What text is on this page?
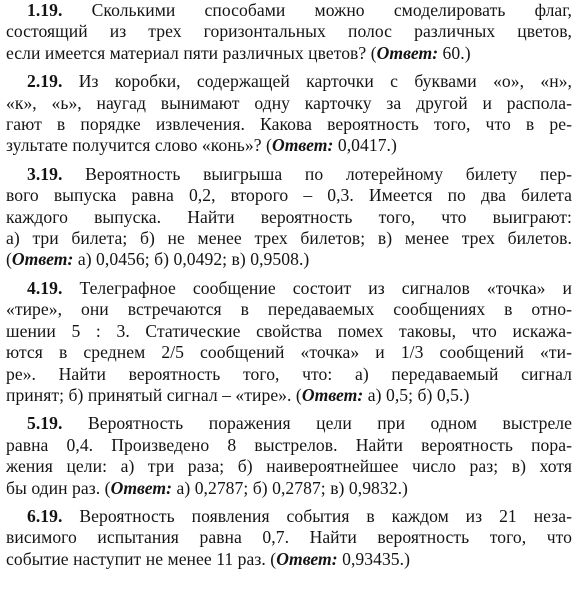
1.19. Сколькими способами можно смоделировать флаг,
состоящий из трех горизонтальных полос различных цветов,
если имеется материал пяти различных цветов? (Ответ: 60.)
2.19. Из коробки, содержащей карточки с буквами «о», «н»,
«к», «ь», наугад вынимают одну карточку за другой и распола-
гают в порядке извлечения. Какова вероятность того, что в ре-
зультате получится слово «конь»? (Ответ: 0,0417.)
3.19. Вероятность выигрыша по лотерейному билету пер-
вого выпуска равна 0,2, второго – 0,3. Имеется по два билета
каждого выпуска. Найти вероятность того, что выиграют:
а) три билета; б) не менее трех билетов; в) менее трех билетов.
(Ответ: а) 0,0456; б) 0,0492; в) 0,9508.)
4.19. Телеграфное сообщение состоит из сигналов «точка» и
«тире», они встречаются в передаваемых сообщениях в отно-
шении 5 : 3. Статические свойства помех таковы, что искажа-
ются в среднем 2/5 сообщений «точка» и 1/3 сообщений «ти-
ре». Найти вероятность того, что: а) передаваемый сигнал
принят; б) принятый сигнал – «тире». (Ответ: а) 0,5; б) 0,5.)
5.19. Вероятность поражения цели при одном выстреле
равна 0,4. Произведено 8 выстрелов. Найти вероятность пора-
жения цели: а) три раза; б) наивероятнейшее число раз; в) хотя
бы один раз. (Ответ: а) 0,2787; б) 0,2787; в) 0,9832.)
6.19. Вероятность появления события в каждом из 21 неза-
висимого испытания равна 0,7. Найти вероятность того, что
событие наступит не менее 11 раз. (Ответ: 0,93435.)
